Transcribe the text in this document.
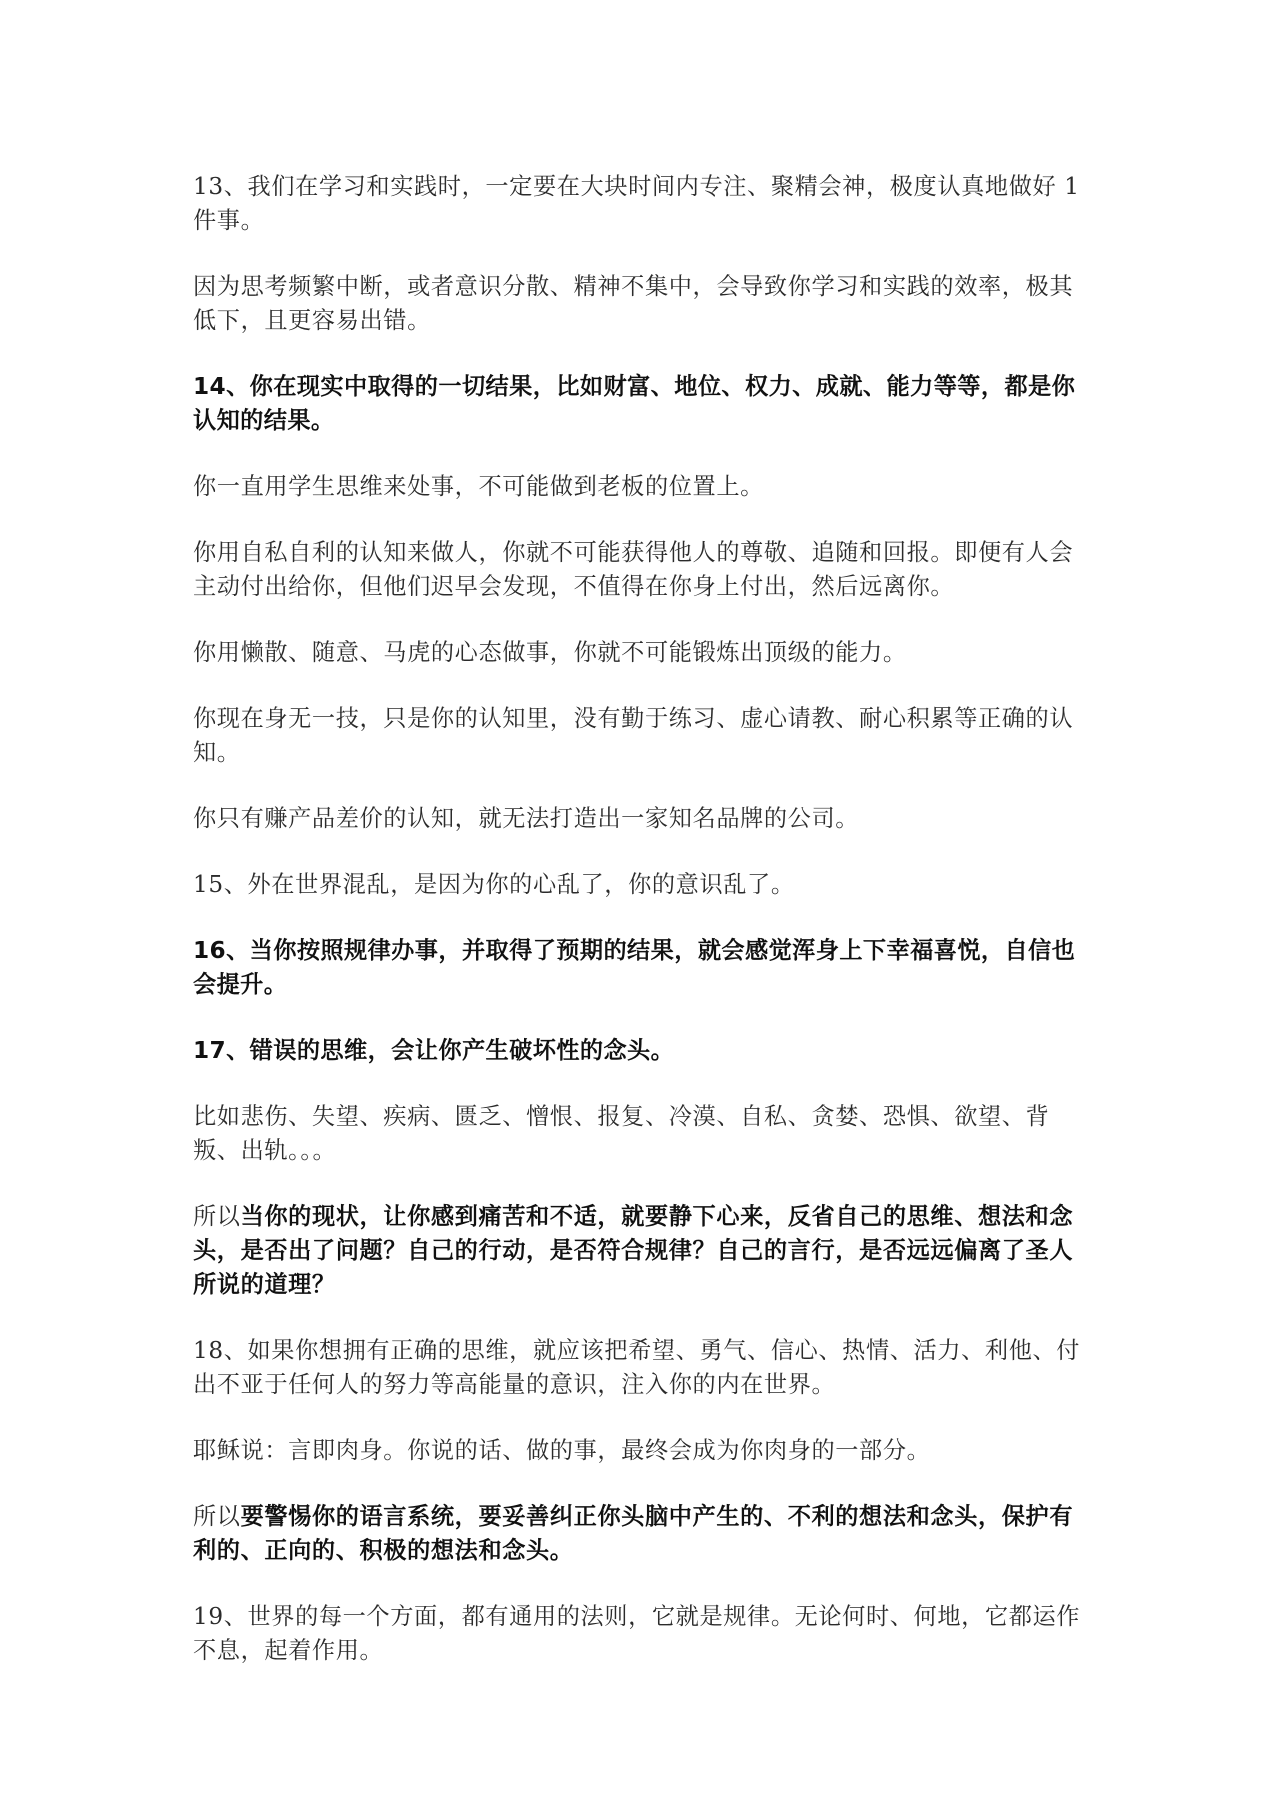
13、我们在学习和实践时，一定要在大块时间内专注、聚精会神，极度认真地做好 1 件事。

因为思考频繁中断，或者意识分散、精神不集中，会导致你学习和实践的效率，极其低下，且更容易出错。

14、你在现实中取得的一切结果，比如财富、地位、权力、成就、能力等等，都是你认知的结果。

你一直用学生思维来处事，不可能做到老板的位置上。

你用自私自利的认知来做人，你就不可能获得他人的尊敬、追随和回报。即便有人会主动付出给你，但他们迟早会发现，不值得在你身上付出，然后远离你。

你用懒散、随意、马虎的心态做事，你就不可能锻炼出顶级的能力。

你现在身无一技，只是你的认知里，没有勤于练习、虚心请教、耐心积累等正确的认知。

你只有赚产品差价的认知，就无法打造出一家知名品牌的公司。

15、外在世界混乱，是因为你的心乱了，你的意识乱了。

16、当你按照规律办事，并取得了预期的结果，就会感觉浑身上下幸福喜悦，自信也会提升。

17、错误的思维，会让你产生破坏性的念头。

比如悲伤、失望、疾病、匮乏、憎恨、报复、冷漠、自私、贪婪、恐惧、欲望、背叛、出轨。。。

所以当你的现状，让你感到痛苦和不适，就要静下心来，反省自己的思维、想法和念头，是否出了问题？自己的行动，是否符合规律？自己的言行，是否远远偏离了圣人所说的道理？

18、如果你想拥有正确的思维，就应该把希望、勇气、信心、热情、活力、利他、付出不亚于任何人的努力等高能量的意识，注入你的内在世界。

耶稣说：言即肉身。你说的话、做的事，最终会成为你肉身的一部分。

所以要警惕你的语言系统，要妥善纠正你头脑中产生的、不利的想法和念头，保护有利的、正向的、积极的想法和念头。

19、世界的每一个方面，都有通用的法则，它就是规律。无论何时、何地，它都运作不息，起着作用。
